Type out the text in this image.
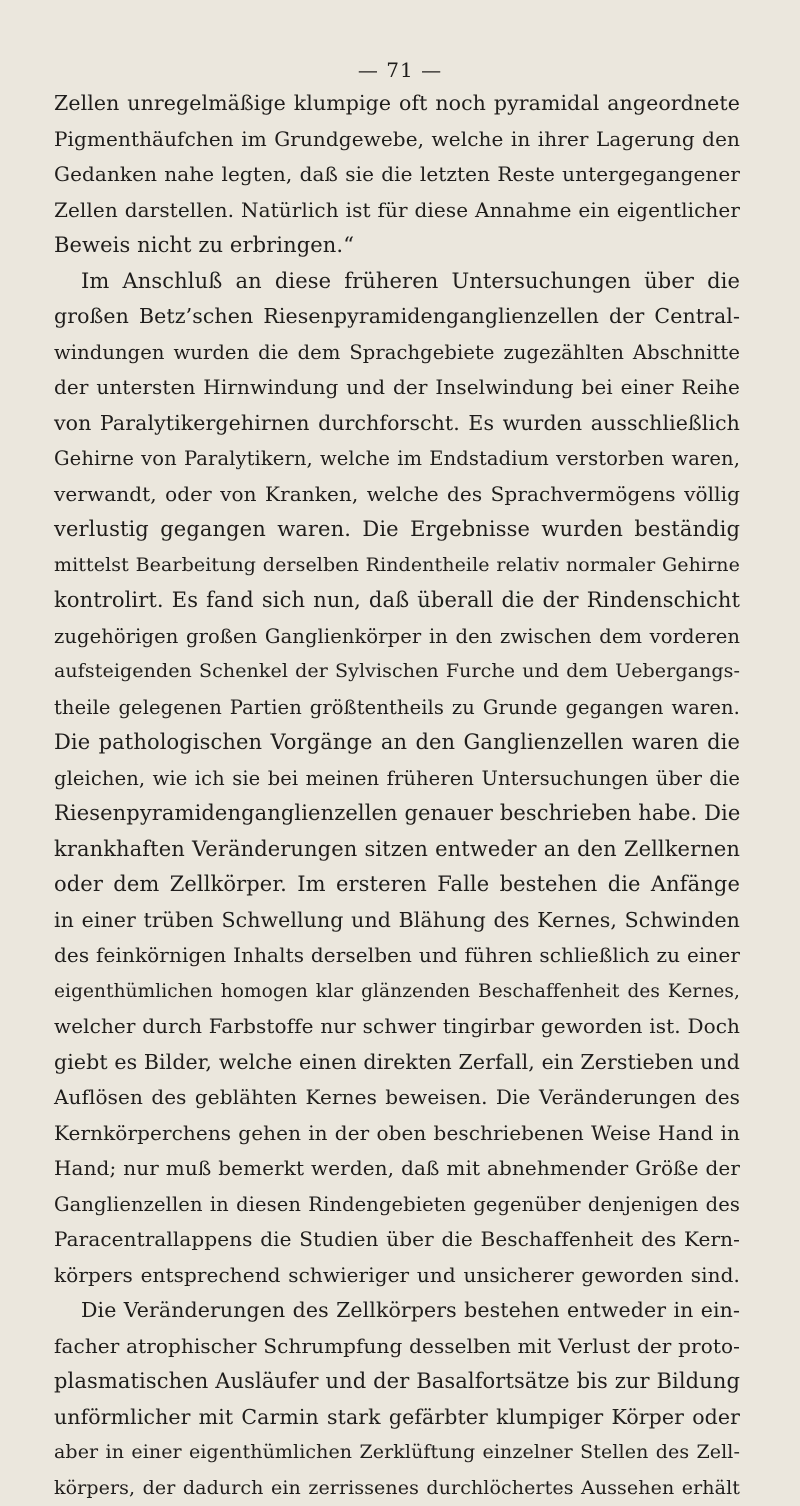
— 71 —
Zellen unregelmäßige klumpige oft noch pyramidal angeordnete
Pigmenthäufchen im Grundgewebe, welche in ihrer Lagerung den
Gedanken nahe legten, daß sie die letzten Reste untergegangener
Zellen darstellen. Natürlich ist für diese Annahme ein eigentlicher
Beweis nicht zu erbringen.“
Im Anschluß an diese früheren Untersuchungen über die
großen Betz’schen Riesenpyramidenganglienzellen der Central-
windungen wurden die dem Sprachgebiete zugezählten Abschnitte
der untersten Hirnwindung und der Inselwindung bei einer Reihe
von Paralytikergehirnen durchforscht. Es wurden ausschließlich
Gehirne von Paralytikern, welche im Endstadium verstorben waren,
verwandt, oder von Kranken, welche des Sprachvermögens völlig
verlustig gegangen waren. Die Ergebnisse wurden beständig
mittelst Bearbeitung derselben Rindentheile relativ normaler Gehirne
kontrolirt. Es fand sich nun, daß überall die der Rindenschicht
zugehörigen großen Ganglienkörper in den zwischen dem vorderen
aufsteigenden Schenkel der Sylvischen Furche und dem Uebergangs-
theile gelegenen Partien größtentheils zu Grunde gegangen waren.
Die pathologischen Vorgänge an den Ganglienzellen waren die
gleichen, wie ich sie bei meinen früheren Untersuchungen über die
Riesenpyramidenganglienzellen genauer beschrieben habe. Die
krankhaften Veränderungen sitzen entweder an den Zellkernen
oder dem Zellkörper. Im ersteren Falle bestehen die Anfänge
in einer trüben Schwellung und Blähung des Kernes, Schwinden
des feinkörnigen Inhalts derselben und führen schließlich zu einer
eigenthümlichen homogen klar glänzenden Beschaffenheit des Kernes,
welcher durch Farbstoffe nur schwer tingirbar geworden ist. Doch
giebt es Bilder, welche einen direkten Zerfall, ein Zerstieben und
Auflösen des geblähten Kernes beweisen. Die Veränderungen des
Kernkörperchens gehen in der oben beschriebenen Weise Hand in
Hand; nur muß bemerkt werden, daß mit abnehmender Größe der
Ganglienzellen in diesen Rindengebieten gegenüber denjenigen des
Paracentrallappens die Studien über die Beschaffenheit des Kern-
körpers entsprechend schwieriger und unsicherer geworden sind.
Die Veränderungen des Zellkörpers bestehen entweder in ein-
facher atrophischer Schrumpfung desselben mit Verlust der proto-
plasmatischen Ausläufer und der Basalfortsätze bis zur Bildung
unförmlicher mit Carmin stark gefärbter klumpiger Körper oder
aber in einer eigenthümlichen Zerklüftung einzelner Stellen des Zell-
körpers, der dadurch ein zerrissenes durchlöchertes Aussehen erhält
